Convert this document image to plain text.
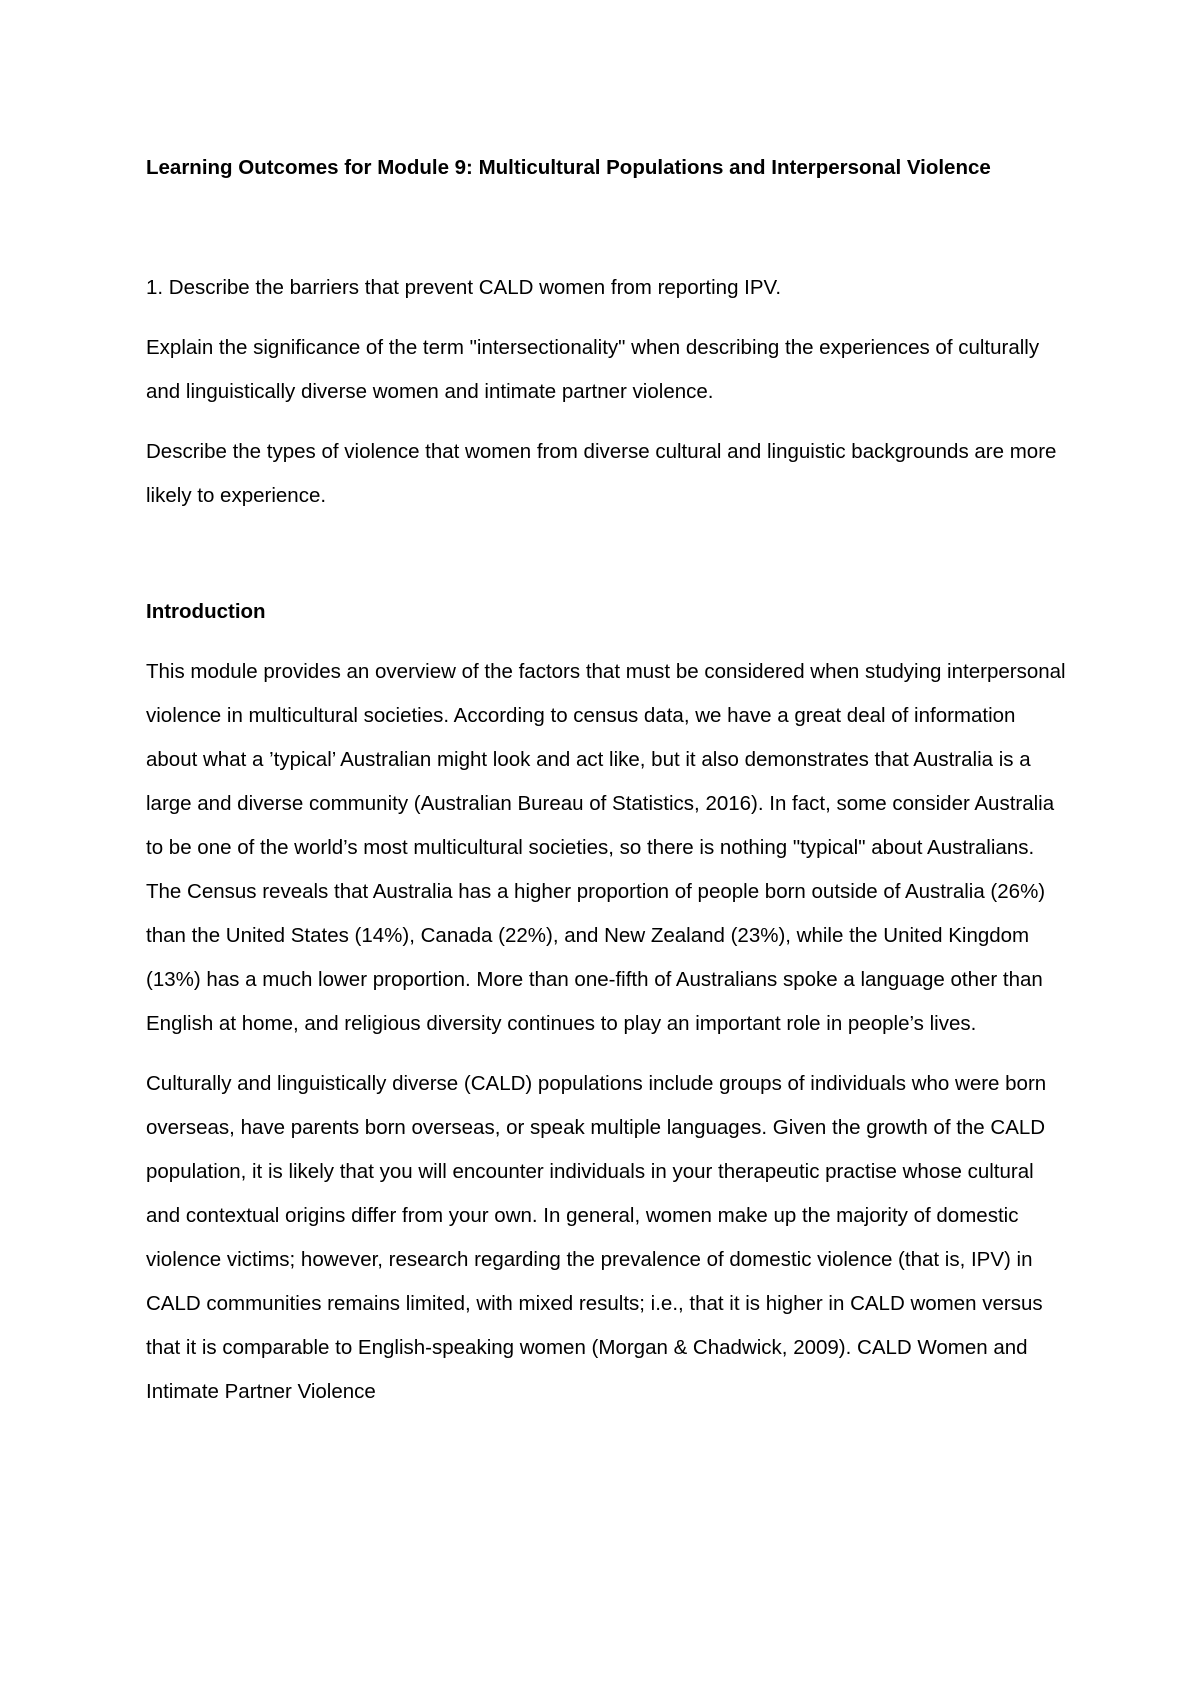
Learning Outcomes for Module 9: Multicultural Populations and Interpersonal Violence

1. Describe the barriers that prevent CALD women from reporting IPV.

Explain the significance of the term "intersectionality" when describing the experiences of culturally and linguistically diverse women and intimate partner violence.

Describe the types of violence that women from diverse cultural and linguistic backgrounds are more likely to experience.

Introduction

This module provides an overview of the factors that must be considered when studying interpersonal violence in multicultural societies. According to census data, we have a great deal of information about what a ’typical’ Australian might look and act like, but it also demonstrates that Australia is a large and diverse community (Australian Bureau of Statistics, 2016). In fact, some consider Australia to be one of the world’s most multicultural societies, so there is nothing "typical" about Australians. The Census reveals that Australia has a higher proportion of people born outside of Australia (26%) than the United States (14%), Canada (22%), and New Zealand (23%), while the United Kingdom (13%) has a much lower proportion. More than one-fifth of Australians spoke a language other than English at home, and religious diversity continues to play an important role in people’s lives.

Culturally and linguistically diverse (CALD) populations include groups of individuals who were born overseas, have parents born overseas, or speak multiple languages. Given the growth of the CALD population, it is likely that you will encounter individuals in your therapeutic practise whose cultural and contextual origins differ from your own. In general, women make up the majority of domestic violence victims; however, research regarding the prevalence of domestic violence (that is, IPV) in CALD communities remains limited, with mixed results; i.e., that it is higher in CALD women versus that it is comparable to English-speaking women (Morgan & Chadwick, 2009). CALD Women and Intimate Partner Violence
